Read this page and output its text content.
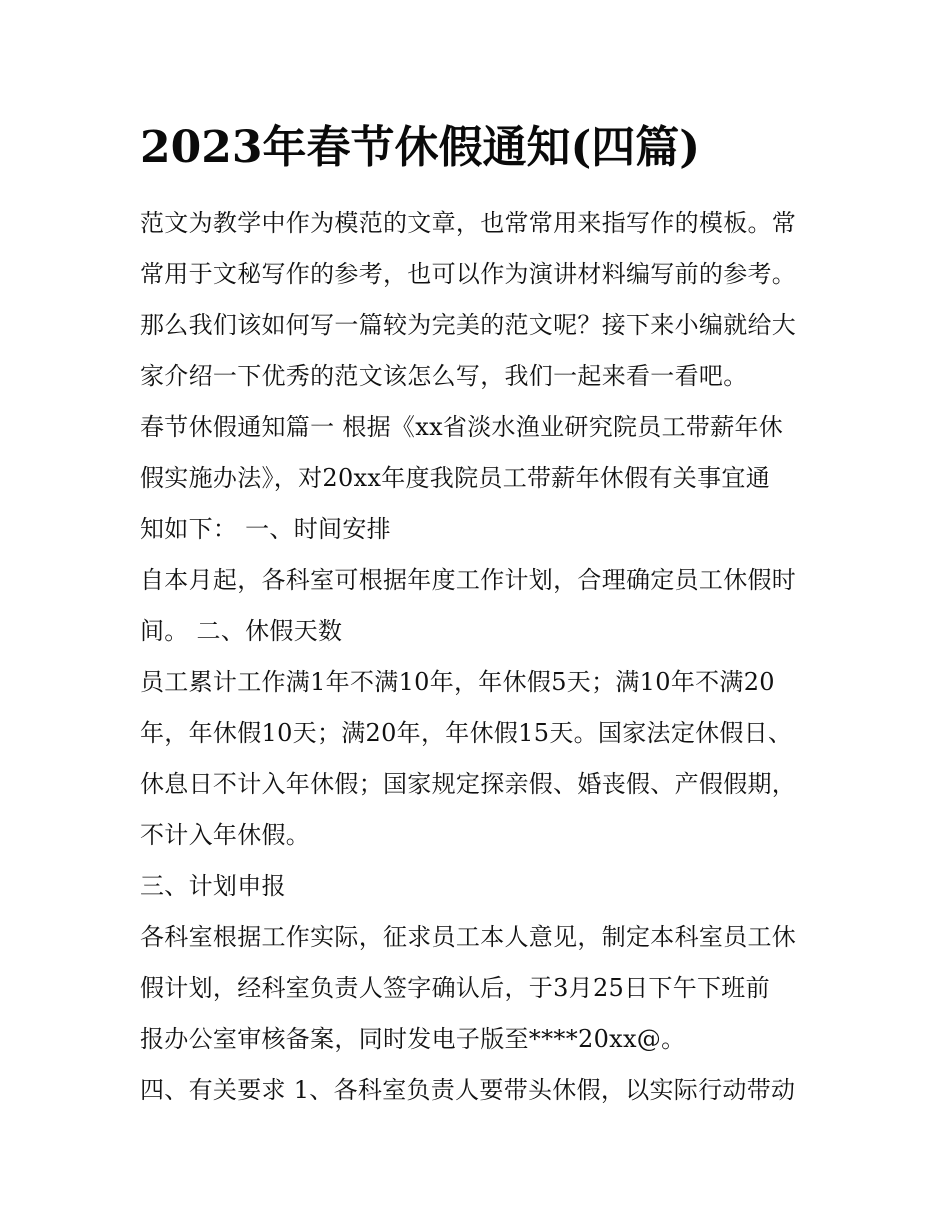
2023年春节休假通知(四篇)
范文为教学中作为模范的文章，也常常用来指写作的模板。常
常用于文秘写作的参考，也可以作为演讲材料编写前的参考。
那么我们该如何写一篇较为完美的范文呢？接下来小编就给大
家介绍一下优秀的范文该怎么写，我们一起来看一看吧。
春节休假通知篇一 根据《xx省淡水渔业研究院员工带薪年休
假实施办法》，对20xx年度我院员工带薪年休假有关事宜通
知如下： 一、时间安排
自本月起，各科室可根据年度工作计划，合理确定员工休假时
间。 二、休假天数
员工累计工作满1年不满10年，年休假5天；满10年不满20
年，年休假10天；满20年，年休假15天。国家法定休假日、
休息日不计入年休假；国家规定探亲假、婚丧假、产假假期，
不计入年休假。
三、计划申报
各科室根据工作实际，征求员工本人意见，制定本科室员工休
假计划，经科室负责人签字确认后，于3月25日下午下班前
报办公室审核备案，同时发电子版至****20xx@。
四、有关要求 1、各科室负责人要带头休假，以实际行动带动
